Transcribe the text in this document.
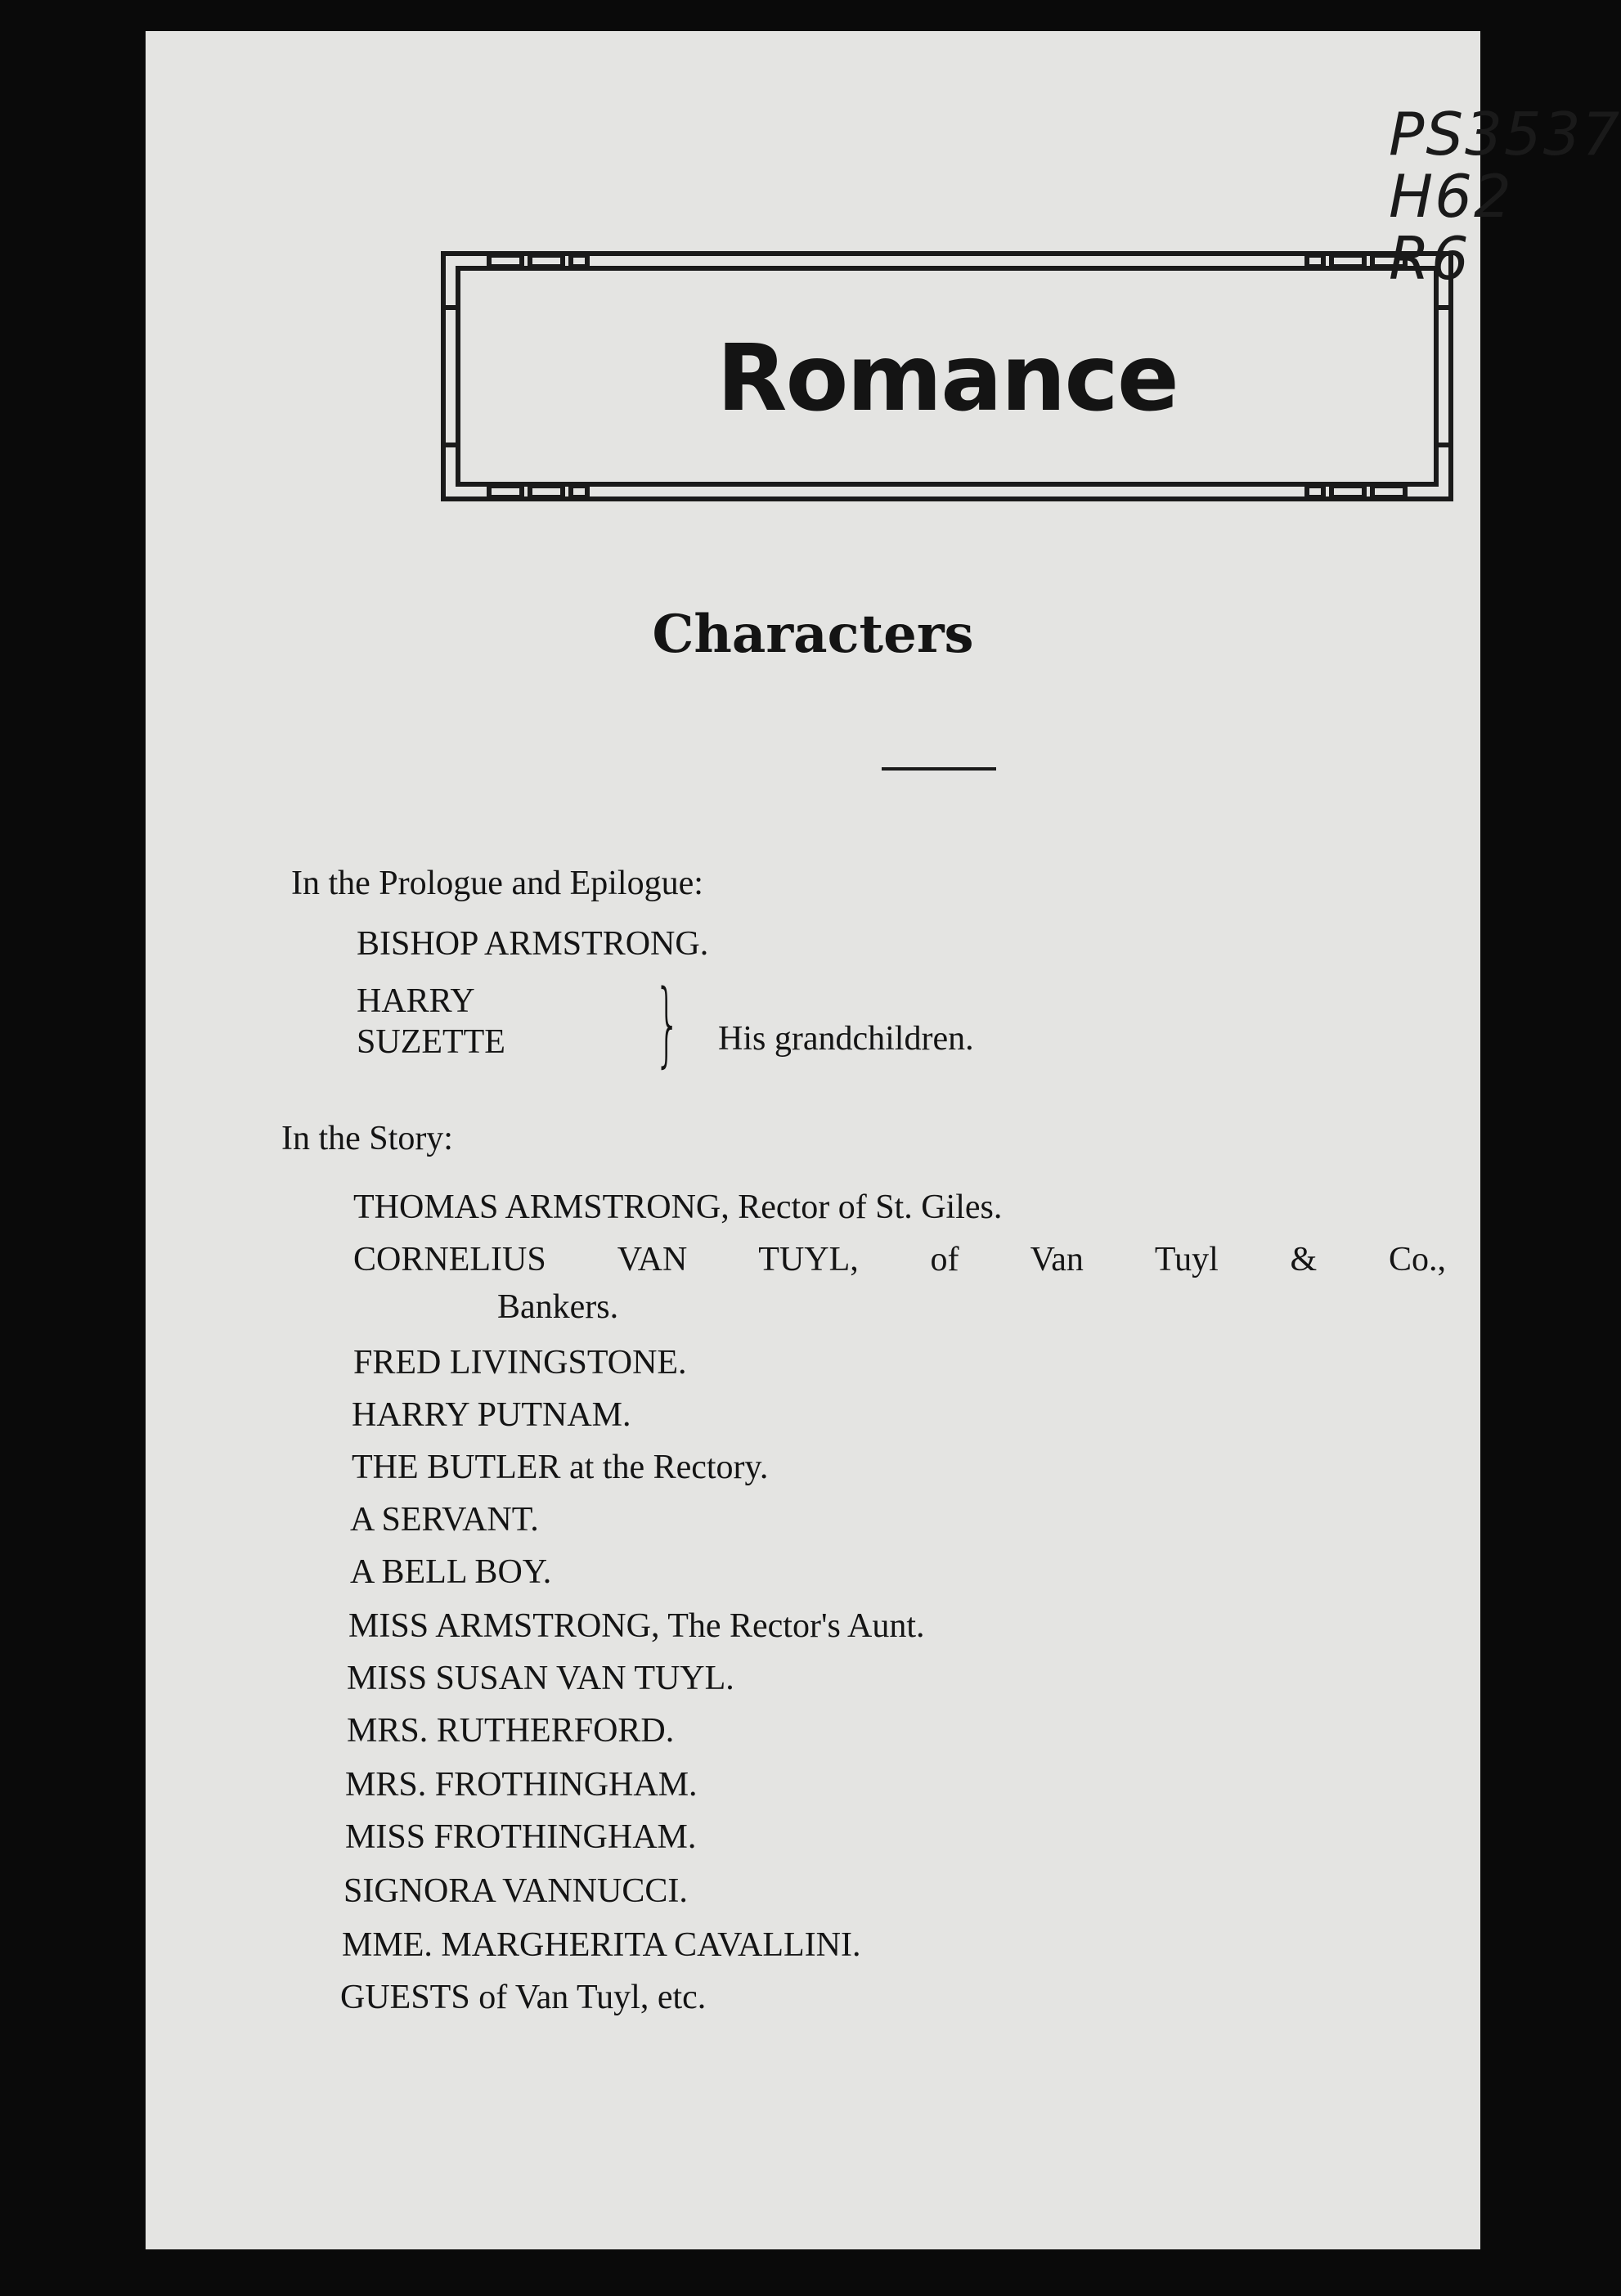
PS3537
H62
R6
Romance
Characters
In the Prologue and Epilogue:
BISHOP ARMSTRONG.
HARRY
SUZETTE } His grandchildren.
In the Story:
THOMAS ARMSTRONG, Rector of St. Giles.
CORNELIUS VAN TUYL, of Van Tuyl & Co.,
Bankers.
FRED LIVINGSTONE.
HARRY PUTNAM.
THE BUTLER at the Rectory.
A SERVANT.
A BELL BOY.
MISS ARMSTRONG, The Rector's Aunt.
MISS SUSAN VAN TUYL.
MRS. RUTHERFORD.
MRS. FROTHINGHAM.
MISS FROTHINGHAM.
SIGNORA VANNUCCI.
MME. MARGHERITA CAVALLINI.
GUESTS of Van Tuyl, etc.
